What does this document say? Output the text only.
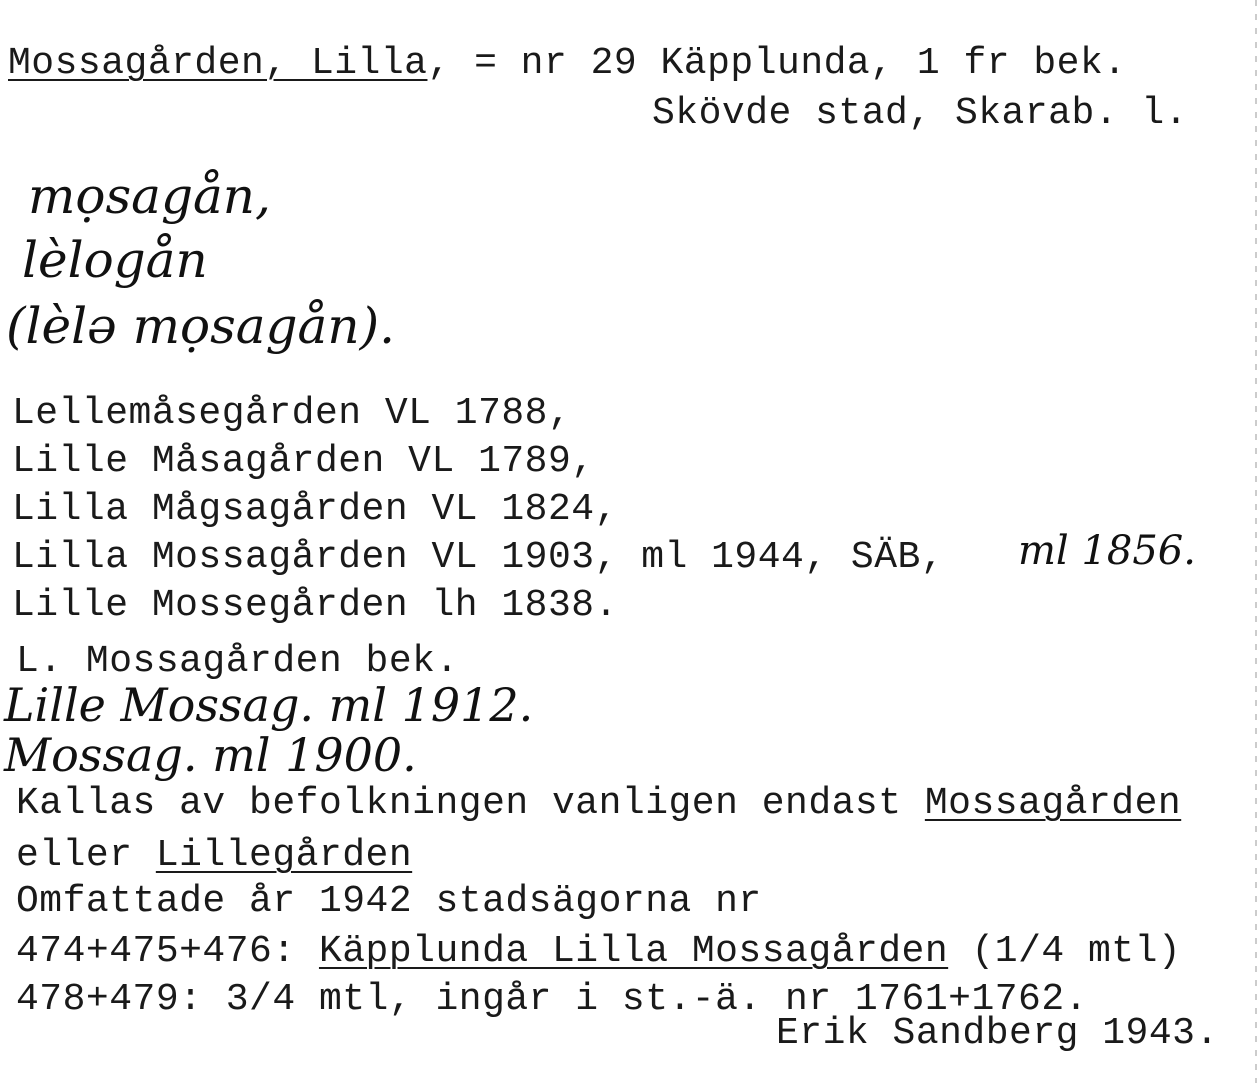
Mossagården, Lilla, = nr 29 Käpplunda, 1 fr bek.
Skövde stad, Skarab. l.
mọsagån,
lèlogån
(lèlə mọsagån).
Lellemåsegården VL 1788,
Lille Måsagården VL 1789,
Lilla Mågsagården VL 1824,
Lilla Mossagården VL 1903, ml 1944, SÄB, ml 1856.
Lille Mossegården lh 1838.
L. Mossagården bek.
Lille Mossag. ml 1912.
Mossag. ml 1900.
Kallas av befolkningen vanligen endast Mossagården
eller Lillegården
Omfattade år 1942 stadsägorna nr
474+475+476: Käpplunda Lilla Mossagården (1/4 mtl)
478+479: 3/4 mtl, ingår i st.-ä. nr 1761+1762.
Erik Sandberg 1943.
